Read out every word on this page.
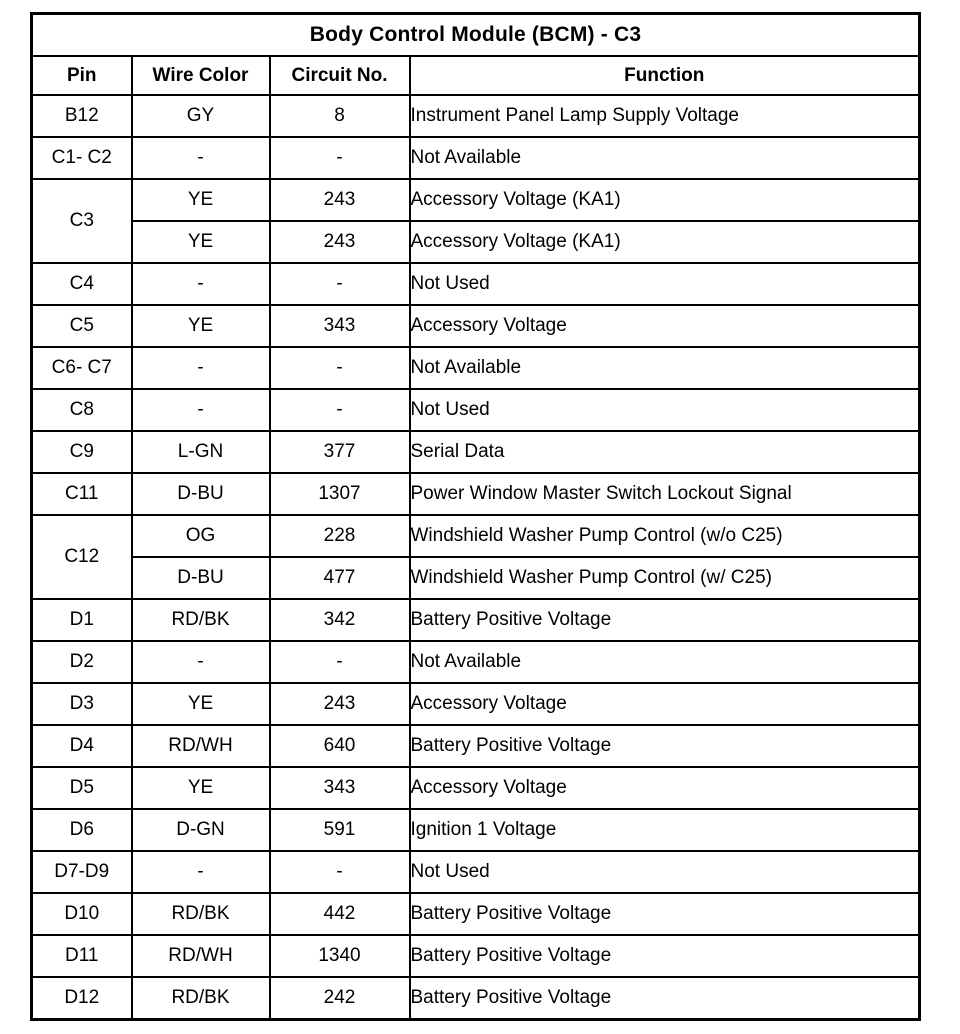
Body Control Module (BCM) - C3			
Pin	Wire Color	Circuit No.	Function
B12	GY	8	Instrument Panel Lamp Supply Voltage
C1- C2	-	-	Not Available
C3	YE	243	Accessory Voltage (KA1)
	YE	243	Accessory Voltage (KA1)
C4	-	-	Not Used
C5	YE	343	Accessory Voltage
C6- C7	-	-	Not Available
C8	-	-	Not Used
C9	L-GN	377	Serial Data
C11	D-BU	1307	Power Window Master Switch Lockout Signal
C12	OG	228	Windshield Washer Pump Control (w/o C25)
	D-BU	477	Windshield Washer Pump Control (w/ C25)
D1	RD/BK	342	Battery Positive Voltage
D2	-	-	Not Available
D3	YE	243	Accessory Voltage
D4	RD/WH	640	Battery Positive Voltage
D5	YE	343	Accessory Voltage
D6	D-GN	591	Ignition 1 Voltage
D7-D9	-	-	Not Used
D10	RD/BK	442	Battery Positive Voltage
D11	RD/WH	1340	Battery Positive Voltage
D12	RD/BK	242	Battery Positive Voltage
